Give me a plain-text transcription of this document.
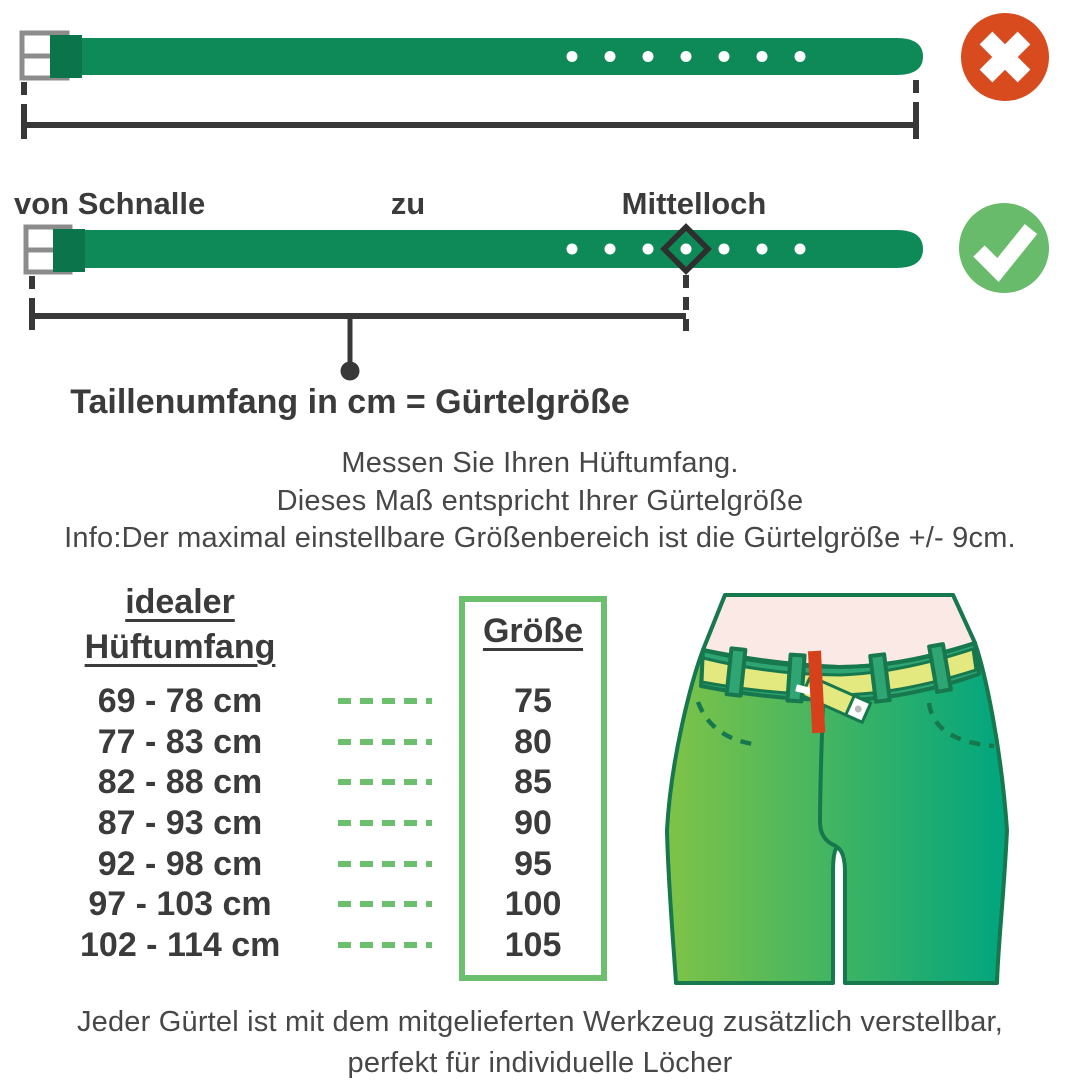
von Schnalle	zu	Mittelloch
Taillenumfang in cm = Gürtelgröße
Messen Sie Ihren Hüftumfang.
Dieses Maß entspricht Ihrer Gürtelgröße
Info:Der maximal einstellbare Größenbereich ist die Gürtelgröße +/- 9cm.
idealer
Hüftumfang	Größe
69 - 78 cm	75
77 - 83 cm	80
82 - 88 cm	85
87 - 93 cm	90
92 - 98 cm	95
97 - 103 cm	100
102 - 114 cm	105
Jeder Gürtel ist mit dem mitgelieferten Werkzeug zusätzlich verstellbar,
perfekt für individuelle Löcher
